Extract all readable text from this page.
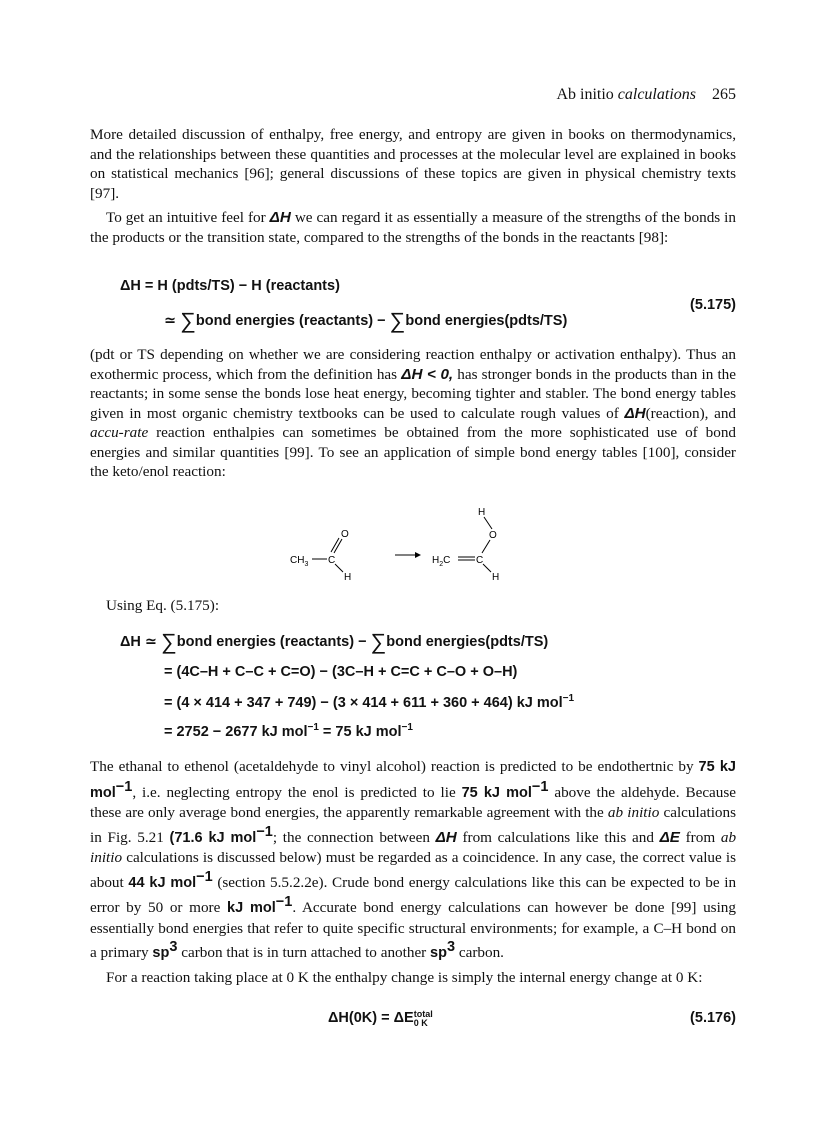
Ab initio calculations 265

More detailed discussion of enthalpy, free energy, and entropy are given in books on thermodynamics, and the relationships between these quantities and processes at the molecular level are explained in books on statistical mechanics [96]; general discussions of these topics are given in physical chemistry texts [97].

To get an intuitive feel for ΔH we can regard it as essentially a measure of the strengths of the bonds in the products or the transition state, compared to the strengths of the bonds in the reactants [98]:

ΔH = H (pdts/TS) − H (reactants)
≃ ∑bond energies (reactants) − ∑bond energies(pdts/TS)
(5.175)

(pdt or TS depending on whether we are considering reaction enthalpy or activation enthalpy). Thus an exothermic process, which from the definition has ΔH < 0, has stronger bonds in the products than in the reactants; in some sense the bonds lose heat energy, becoming tighter and stabler. The bond energy tables given in most organic chemistry textbooks can be used to calculate rough values of ΔH(reaction), and accu-rate reaction enthalpies can sometimes be obtained from the more sophisticated use of bond energies and similar quantities [99]. To see an application of simple bond energy tables [100], consider the keto/enol reaction:

$CH_3$ C
O
H
$H_2C$	C
O
H
H

Using Eq. (5.175):

ΔH ≃ ∑bond energies (reactants) − ∑bond energies(pdts/TS)
= (4C–H + C–C + C=O) − (3C–H + C=C + C–O + O–H)
= (4 × 414 + 347 + 749) − (3 × 414 + 611 + 360 + 464) kJ mol$^{-1}$
= 2752 − 2677 kJ mol$^{-1}$ = 75 kJ mol$^{-1}$

The ethanal to ethenol (acetaldehyde to vinyl alcohol) reaction is predicted to be endothertnic by 75 kJ mol$^{-1}$, i.e. neglecting entropy the enol is predicted to lie 75 kJ mol$^{-1}$ above the aldehyde. Because these are only average bond energies, the apparently remarkable agreement with the ab initio calculations in Fig. 5.21 (71.6 kJ mol$^{-1}$; the connection between ΔH from calculations like this and ΔE from ab initio calculations is discussed below) must be regarded as a coincidence. In any case, the correct value is about 44 kJ mol$^{-1}$ (section 5.5.2.2e). Crude bond energy calculations like this can be expected to be in error by 50 or more kJ mol$^{-1}$. Accurate bond energy calculations can however be done [99] using essentially bond energies that refer to quite specific structural environments; for example, a C–H bond on a primary $sp^3$ carbon that is in turn attached to another $sp^3$ carbon.

For a reaction taking place at 0 K the enthalpy change is simply the internal energy change at 0 K:

ΔH(0K) = ΔE total
0 K	(5.176)
